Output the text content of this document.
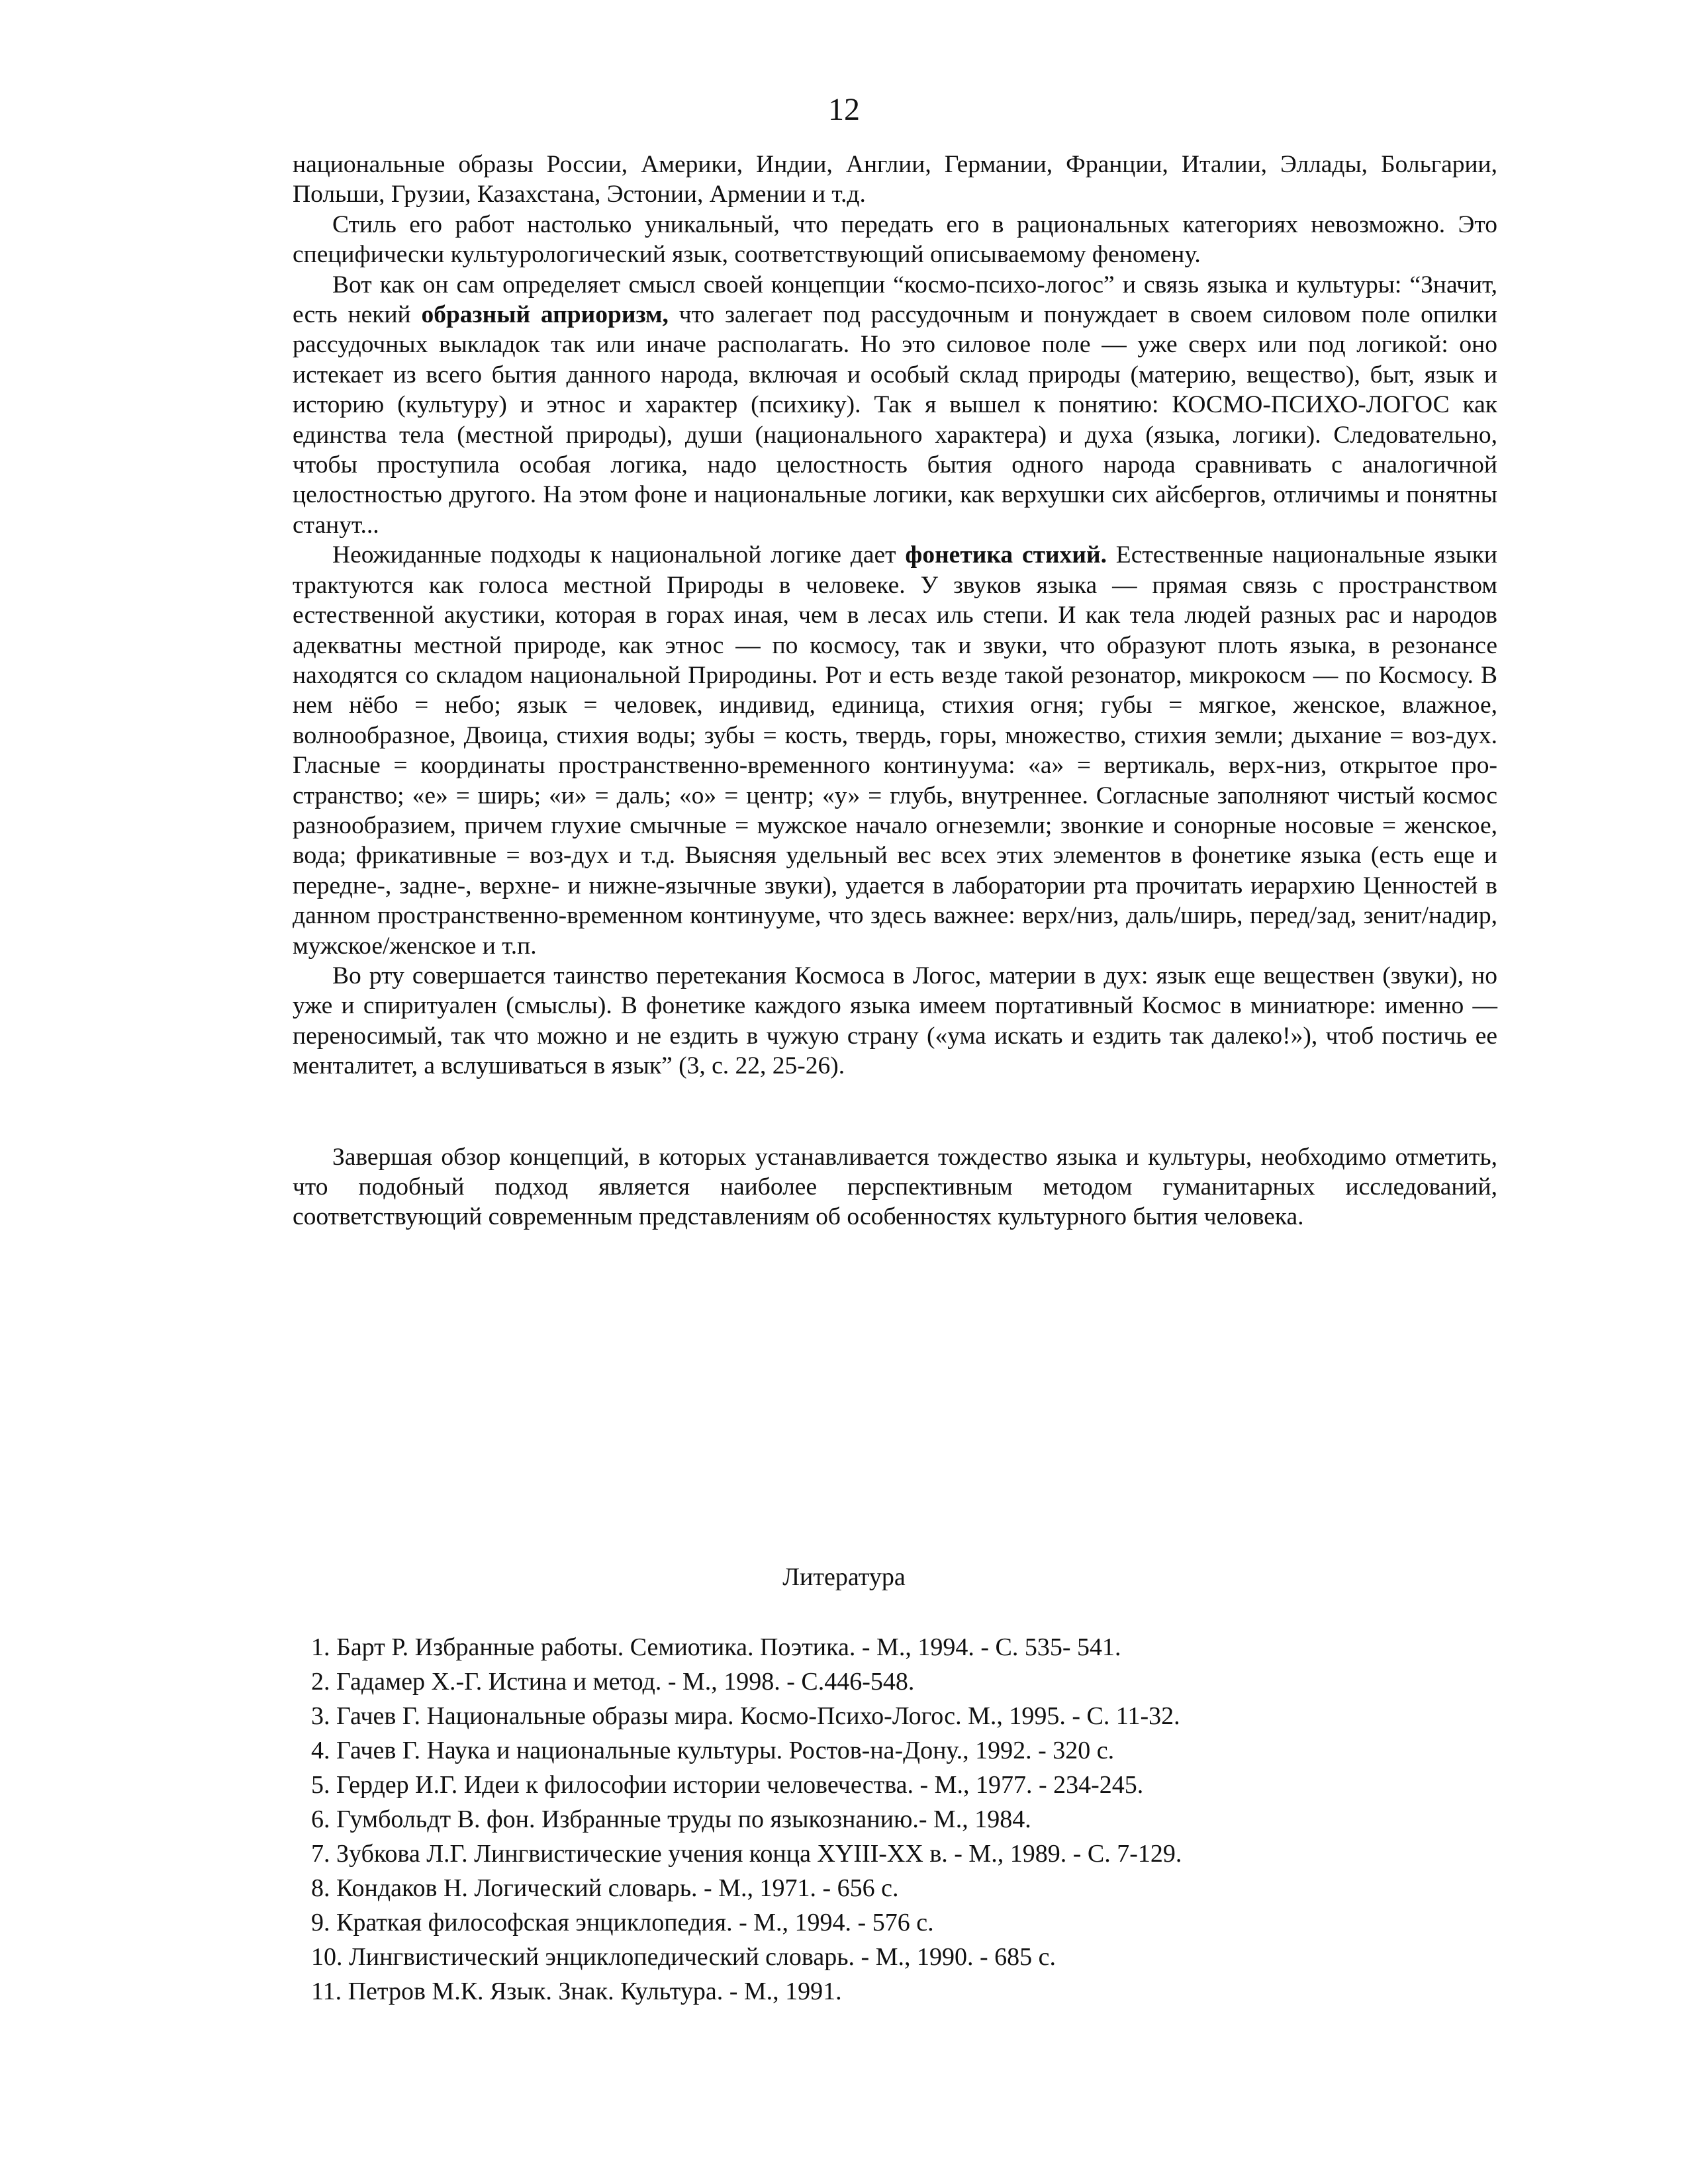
12

национальные образы России, Америки, Индии, Англии, Германии, Франции, Италии, Эллады, Больгарии, Польши, Грузии, Казахстана, Эстонии, Армении и т.д.

Стиль его работ настолько уникальный, что передать его в рациональных категориях невозможно. Это специфически культурологический язык, соответствующий описываемому феномену.

Вот как он сам определяет смысл своей концепции “космо-психо-логос” и связь языка и культуры: “Значит, есть некий образный априоризм, что залегает под рассудочным и понуждает в своем силовом поле опилки рассудочных выкладок так или иначе располагать. Но это силовое поле — уже сверх или под логикой: оно истекает из всего бытия данного народа, включая и особый склад природы (материю, вещество), быт, язык и историю (культуру) и этнос и характер (психику). Так я вышел к понятию: КОСМО-ПСИХО-ЛОГОС как единства тела (местной природы), души (национального характера) и духа (языка, логики). Следовательно, чтобы проступила особая логика, надо целостность бытия одного народа сравнивать с аналогичной целостностью другого. На этом фоне и национальные логики, как верхушки сих айсбергов, отличимы и понятны станут...

Неожиданные подходы к национальной логике дает фонетика стихий. Естественные национальные языки трактуются как голоса местной Природы в человеке. У звуков языка — прямая связь с пространством естественной акустики, которая в горах иная, чем в лесах иль степи. И как тела людей разных рас и народов адекватны местной природе, как этнос — по космосу, так и звуки, что образуют плоть языка, в резонансе находятся со складом национальной Природины. Рот и есть везде такой резонатор, микрокосм — по Космосу. В нем нёбо = небо; язык = человек, индивид, единица, стихия огня; губы = мягкое, женское, влажное, волнообразное, Двоица, стихия воды; зубы = кость, твердь, горы, множество, стихия земли; дыхание = воз-дух. Гласные = координаты пространственно-временного континуума: «а» = вертикаль, верх-низ, открытое про-странство; «е» = ширь; «и» = даль; «о» = центр; «у» = глубь, внутреннее. Согласные заполняют чистый космос разнообразием, причем глухие смычные = мужское начало огнеземли; звонкие и сонорные носовые = женское, вода; фрикативные = воз-дух и т.д. Выясняя удельный вес всех этих элементов в фонетике языка (есть еще и передне-, задне-, верхне- и нижне-язычные звуки), удается в лаборатории рта прочитать иерархию Ценностей в данном пространственно-временном континууме, что здесь важнее: верх/низ, даль/ширь, перед/зад, зенит/надир, мужское/женское и т.п.

Во рту совершается таинство перетекания Космоса в Логос, материи в дух: язык еще веществен (звуки), но уже и спиритуален (смыслы). В фонетике каждого языка имеем портативный Космос в миниатюре: именно — переносимый, так что можно и не ездить в чужую страну («ума искать и ездить так далеко!»), чтоб постичь ее менталитет, а вслушиваться в язык” (3, с. 22, 25-26).

Завершая обзор концепций, в которых устанавливается тождество языка и культуры, необходимо отметить, что подобный подход является наиболее перспективным методом гуманитарных исследований, соответствующий современным представлениям об особенностях культурного бытия человека.

Литература
1. Барт Р. Избранные работы. Семиотика. Поэтика. - М., 1994. - С. 535- 541.
2. Гадамер Х.-Г. Истина и метод. - М., 1998. - С.446-548.
3. Гачев Г. Национальные образы мира. Космо-Психо-Логос. М., 1995. - С. 11-32.
4. Гачев Г. Наука и национальные культуры. Ростов-на-Дону., 1992. - 320 с.
5. Гердер И.Г. Идеи к философии истории человечества. - М., 1977. - 234-245.
6. Гумбольдт В. фон. Избранные труды по языкознанию.- М., 1984.
7. Зубкова Л.Г. Лингвистические учения конца XYIII-XX в. - М., 1989. - С. 7-129.
8. Кондаков Н. Логический словарь. - М., 1971. - 656 с.
9. Краткая философская энциклопедия. - М., 1994. - 576 с.
10. Лингвистический энциклопедический словарь. - М., 1990. - 685 с.
11. Петров М.К. Язык. Знак. Культура. - М., 1991.
